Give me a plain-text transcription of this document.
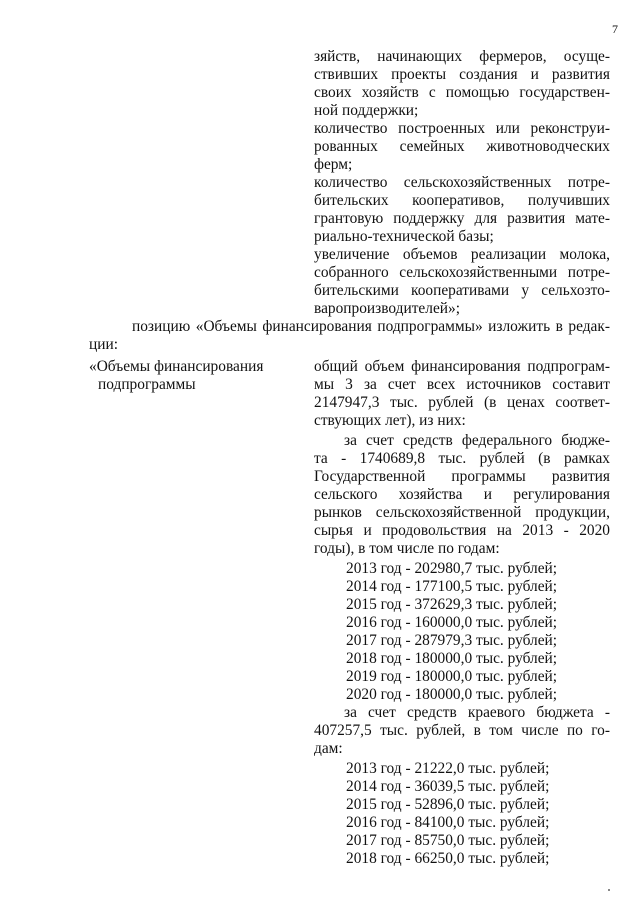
7
зяйств, начинающих фермеров, осуще-
ствивших проекты создания и развития
своих хозяйств с помощью государствен-
ной поддержки;
количество построенных или реконструи-
рованных семейных животноводческих
ферм;
количество сельскохозяйственных потре-
бительских кооперативов, получивших
грантовую поддержку для развития мате-
риально-технической базы;
увеличение объемов реализации молока,
собранного сельскохозяйственными потре-
бительскими кооперативами у сельхозто-
варопроизводителей»;
позицию «Объемы финансирования подпрограммы» изложить в редак-
ции:
«Объемы финансирования
подпрограммы
общий объем финансирования подпрограм-
мы 3 за счет всех источников составит
2147947,3 тыс. рублей (в ценах соответ-
ствующих лет), из них:
за счет средств федерального бюдже-
та - 1740689,8 тыс. рублей (в рамках
Государственной программы развития
сельского хозяйства и регулирования
рынков сельскохозяйственной продукции,
сырья и продовольствия на 2013 - 2020
годы), в том числе по годам:
2013 год - 202980,7 тыс. рублей;
2014 год - 177100,5 тыс. рублей;
2015 год - 372629,3 тыс. рублей;
2016 год - 160000,0 тыс. рублей;
2017 год - 287979,3 тыс. рублей;
2018 год - 180000,0 тыс. рублей;
2019 год - 180000,0 тыс. рублей;
2020 год - 180000,0 тыс. рублей;
за счет средств краевого бюджета -
407257,5 тыс. рублей, в том числе по го-
дам:
2013 год - 21222,0 тыс. рублей;
2014 год - 36039,5 тыс. рублей;
2015 год - 52896,0 тыс. рублей;
2016 год - 84100,0 тыс. рублей;
2017 год - 85750,0 тыс. рублей;
2018 год - 66250,0 тыс. рублей;
